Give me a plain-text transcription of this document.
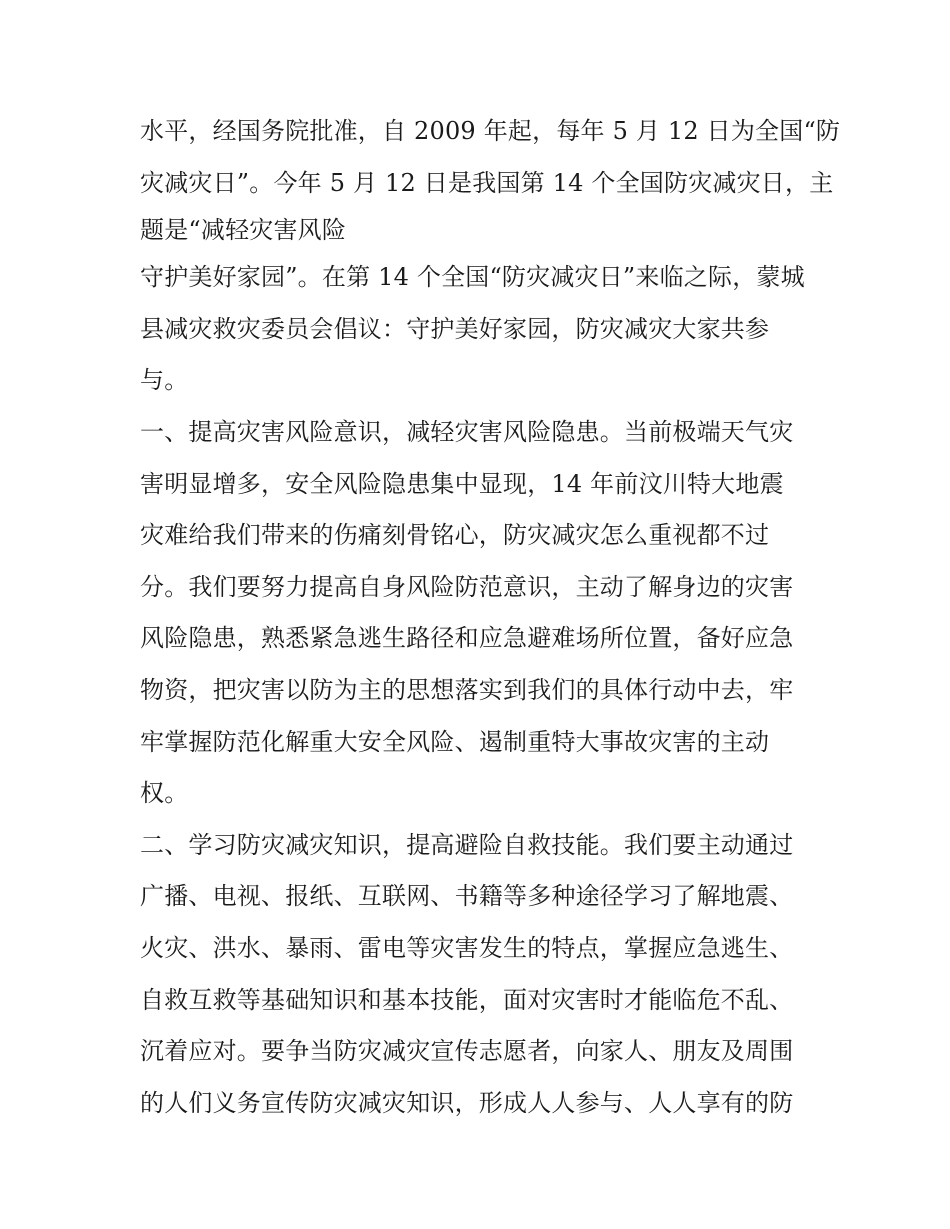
水平，经国务院批准，自 2009 年起，每年 5 月 12 日为全国“防
灾减灾日”。今年 5 月 12 日是我国第 14 个全国防灾减灾日，主
题是“减轻灾害风险
守护美好家园”。在第 14 个全国“防灾减灾日”来临之际，蒙城
县减灾救灾委员会倡议：守护美好家园，防灾减灾大家共参
与。
一、提高灾害风险意识，减轻灾害风险隐患。当前极端天气灾
害明显增多，安全风险隐患集中显现，14 年前汶川特大地震
灾难给我们带来的伤痛刻骨铭心，防灾减灾怎么重视都不过
分。我们要努力提高自身风险防范意识，主动了解身边的灾害
风险隐患，熟悉紧急逃生路径和应急避难场所位置，备好应急
物资，把灾害以防为主的思想落实到我们的具体行动中去，牢
牢掌握防范化解重大安全风险、遏制重特大事故灾害的主动
权。
二、学习防灾减灾知识，提高避险自救技能。我们要主动通过
广播、电视、报纸、互联网、书籍等多种途径学习了解地震、
火灾、洪水、暴雨、雷电等灾害发生的特点，掌握应急逃生、
自救互救等基础知识和基本技能，面对灾害时才能临危不乱、
沉着应对。要争当防灾减灾宣传志愿者，向家人、朋友及周围
的人们义务宣传防灾减灾知识，形成人人参与、人人享有的防
